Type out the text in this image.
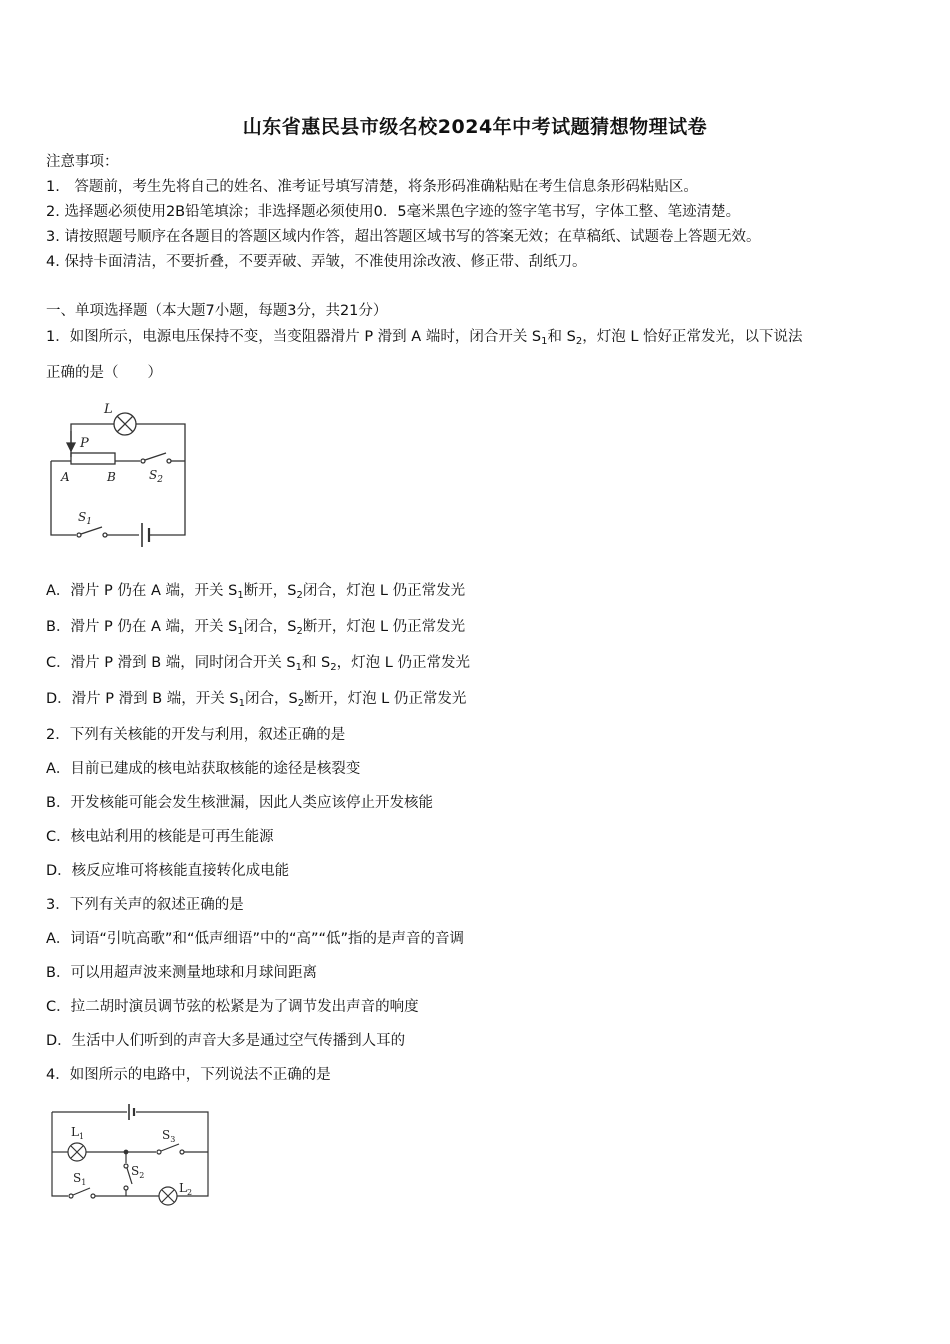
山东省惠民县市级名校2024年中考试题猜想物理试卷
注意事项：
1.　答题前，考生先将自己的姓名、准考证号填写清楚，将条形码准确粘贴在考生信息条形码粘贴区。
2. 选择题必须使用2B铅笔填涂；非选择题必须使用0．5毫米黑色字迹的签字笔书写，字体工整、笔迹清楚。
3. 请按照题号顺序在各题目的答题区域内作答，超出答题区域书写的答案无效；在草稿纸、试题卷上答题无效。
4. 保持卡面清洁，不要折叠，不要弄破、弄皱，不准使用涂改液、修正带、刮纸刀。
一、单项选择题（本大题7小题，每题3分，共21分）
1．如图所示，电源电压保持不变，当变阻器滑片 P 滑到 A 端时，闭合开关 $S_1$和 $S_2$，灯泡 L 恰好正常发光，以下说法
正确的是（　　）
L
P
A	B	$S_2$
$S_1$
A．滑片 P 仍在 A 端，开关 $S_1$断开，$S_2$闭合，灯泡 L 仍正常发光
B．滑片 P 仍在 A 端，开关 $S_1$闭合，$S_2$断开，灯泡 L 仍正常发光
C．滑片 P 滑到 B 端，同时闭合开关 $S_1$和 $S_2$，灯泡 L 仍正常发光
D．滑片 P 滑到 B 端，开关 $S_1$闭合，$S_2$断开，灯泡 L 仍正常发光
2．下列有关核能的开发与利用，叙述正确的是
A．目前已建成的核电站获取核能的途径是核裂变
B．开发核能可能会发生核泄漏，因此人类应该停止开发核能
C．核电站利用的核能是可再生能源
D．核反应堆可将核能直接转化成电能
3．下列有关声的叙述正确的是
A．词语“引吭高歌”和“低声细语”中的“高”“低”指的是声音的音调
B．可以用超声波来测量地球和月球间距离
C．拉二胡时演员调节弦的松紧是为了调节发出声音的响度
D．生活中人们听到的声音大多是通过空气传播到人耳的
4．如图所示的电路中，下列说法不正确的是
$L_1$	$S_3$
$S_2$
$S_1$	$L_2$
